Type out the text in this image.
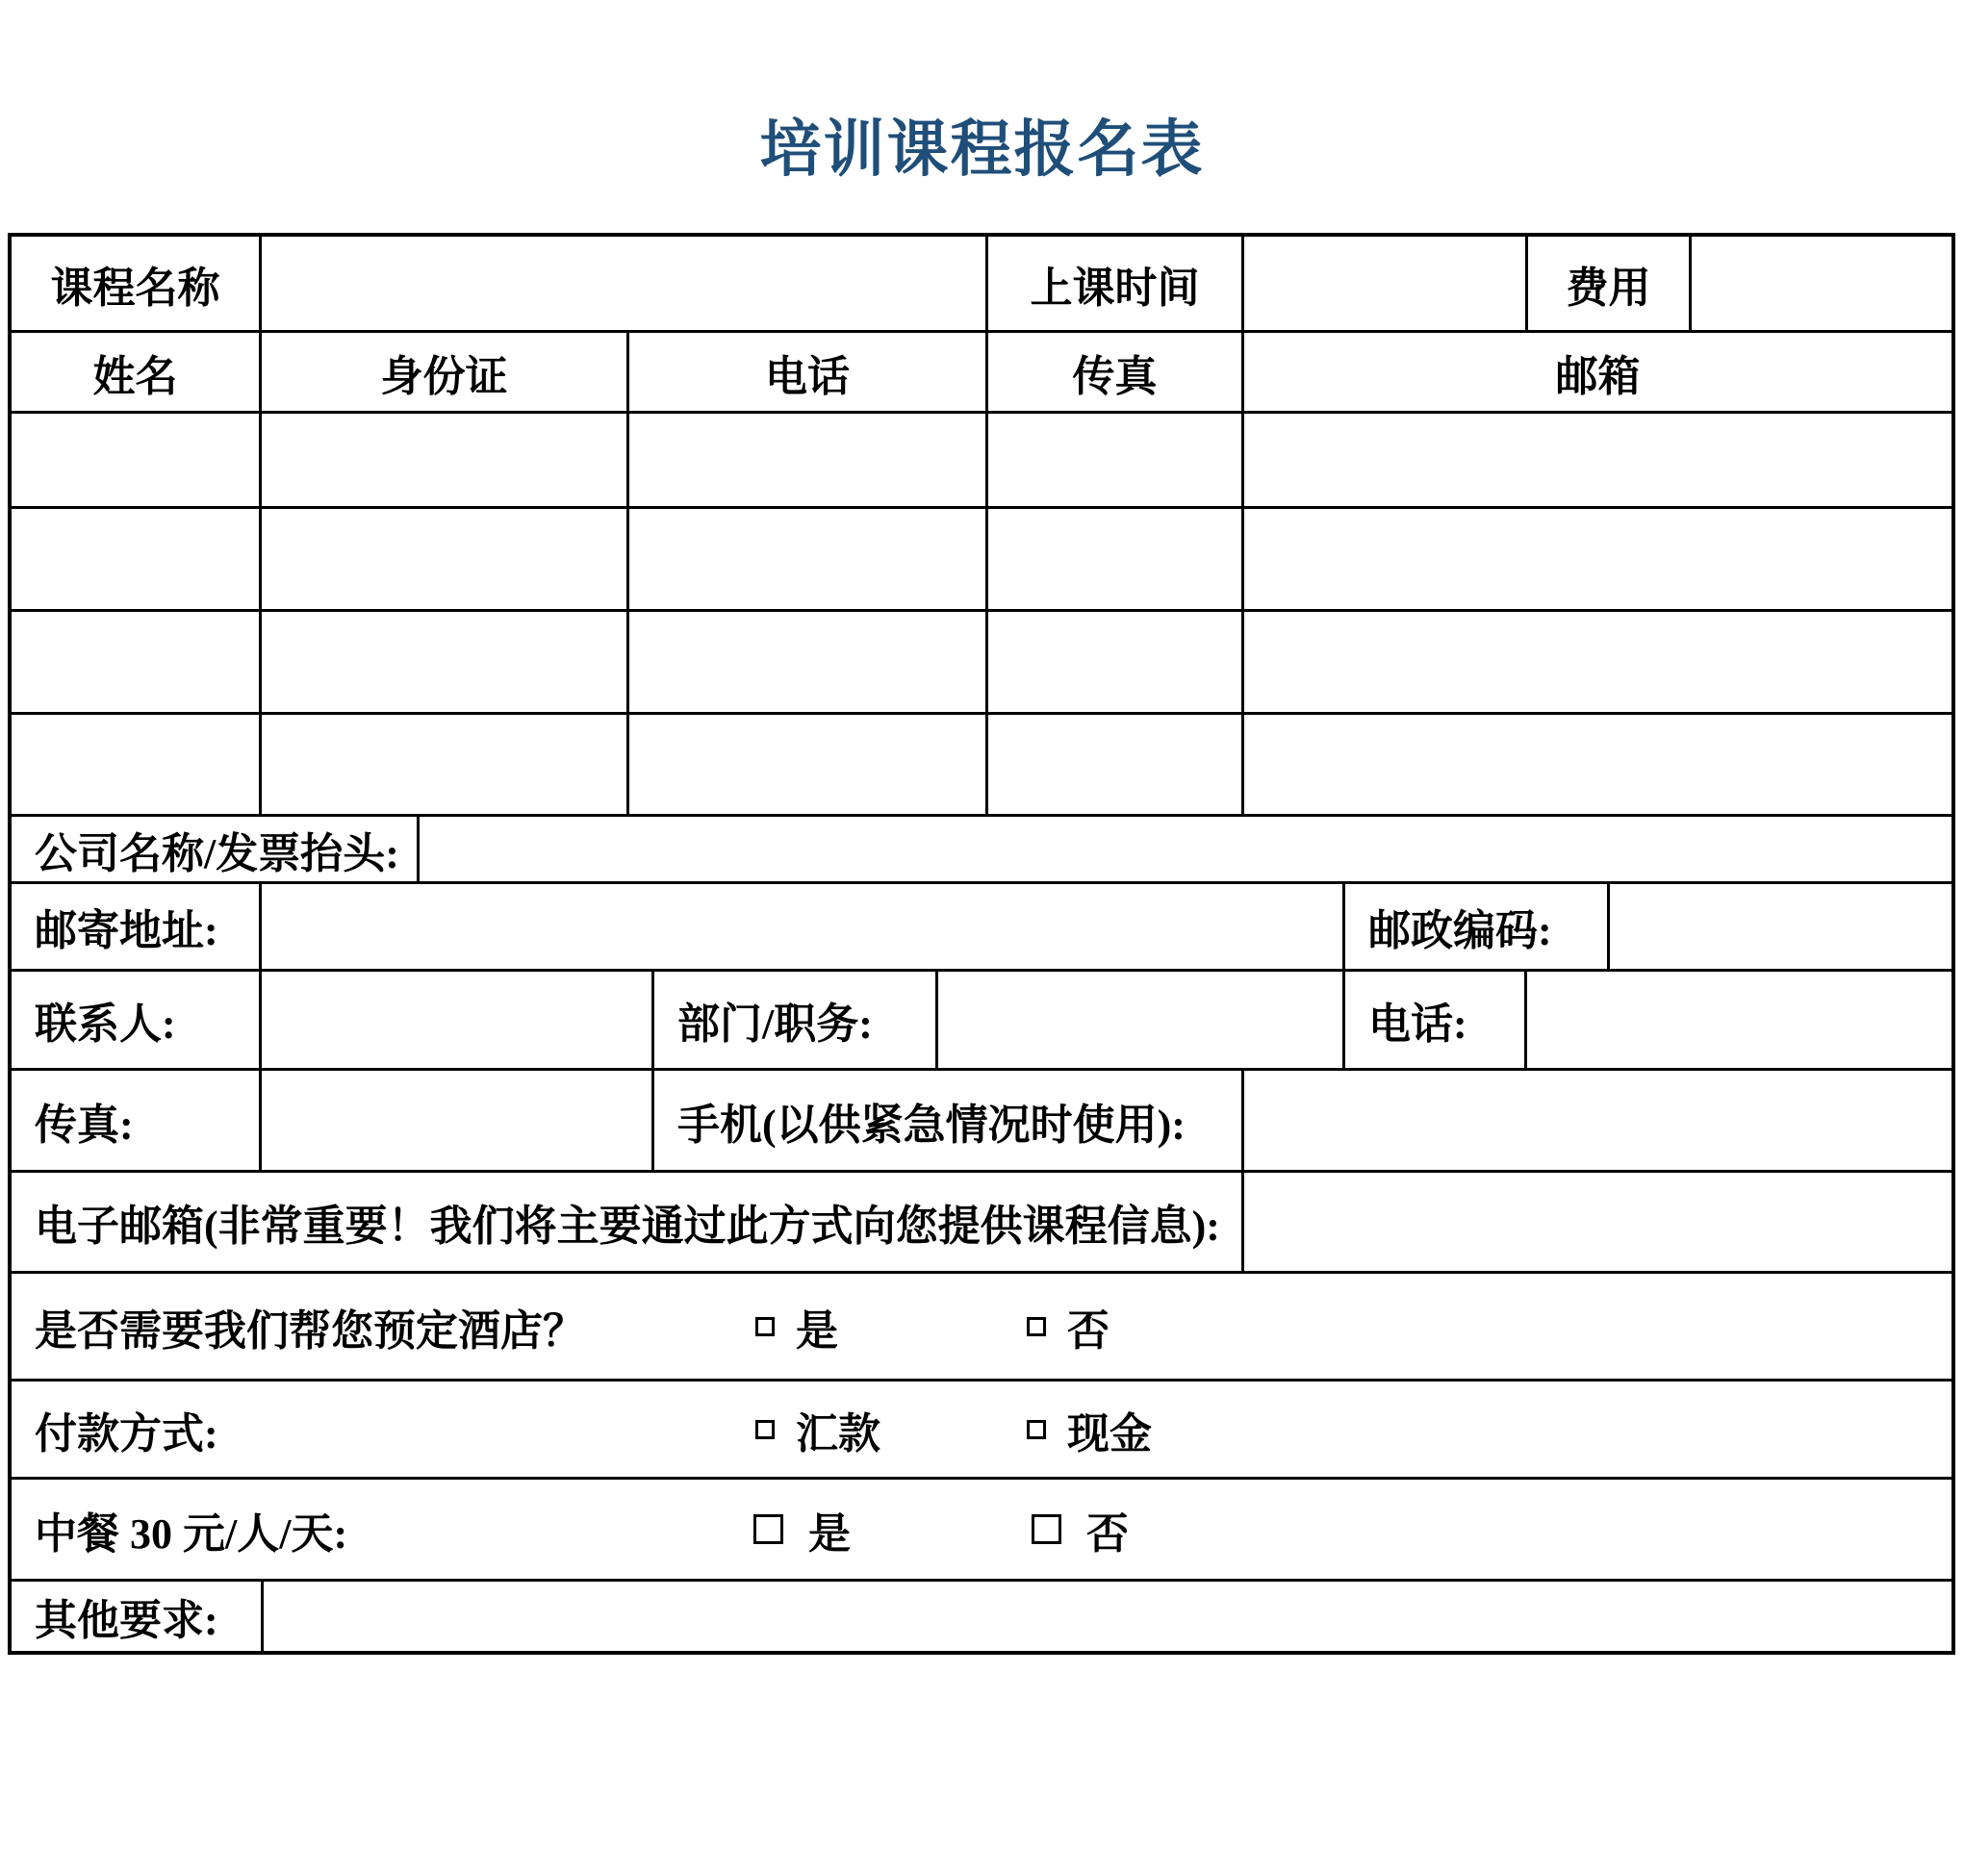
培训课程报名表
课程名称	上课时间	费用
姓名	身份证	电话	传真	邮箱
公司名称/发票抬头:
邮寄地址:	邮政编码:
联系人:	部门/职务:	电话:
传真:	手机(以供紧急情况时使用):
电子邮箱(非常重要！我们将主要通过此方式向您提供课程信息):
是否需要我们帮您预定酒店？	是	否
付款方式:	汇款	现金
中餐 30 元/人/天:	是	否
其他要求:
